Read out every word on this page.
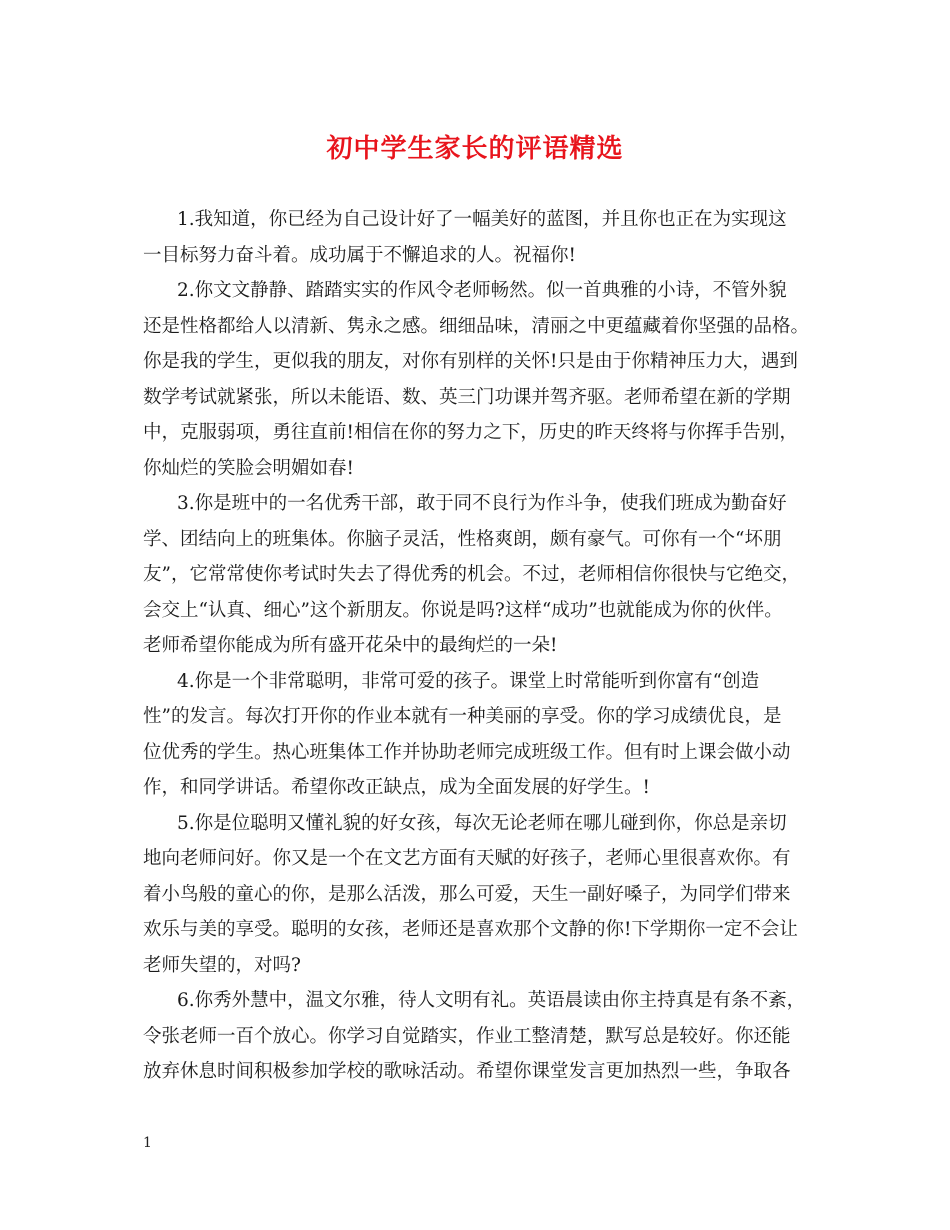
初中学生家长的评语精选
1.我知道，你已经为自己设计好了一幅美好的蓝图，并且你也正在为实现这
一目标努力奋斗着。成功属于不懈追求的人。祝福你!
2.你文文静静、踏踏实实的作风令老师畅然。似一首典雅的小诗，不管外貌
还是性格都给人以清新、隽永之感。细细品味，清丽之中更蕴藏着你坚强的品格。
你是我的学生，更似我的朋友，对你有别样的关怀!只是由于你精神压力大，遇到
数学考试就紧张，所以未能语、数、英三门功课并驾齐驱。老师希望在新的学期
中，克服弱项，勇往直前!相信在你的努力之下，历史的昨天终将与你挥手告别，
你灿烂的笑脸会明媚如春!
3.你是班中的一名优秀干部，敢于同不良行为作斗争，使我们班成为勤奋好
学、团结向上的班集体。你脑子灵活，性格爽朗，颇有豪气。可你有一个“坏朋
友”，它常常使你考试时失去了得优秀的机会。不过，老师相信你很快与它绝交，
会交上“认真、细心”这个新朋友。你说是吗?这样“成功”也就能成为你的伙伴。
老师希望你能成为所有盛开花朵中的最绚烂的一朵!
4.你是一个非常聪明，非常可爱的孩子。课堂上时常能听到你富有“创造
性”的发言。每次打开你的作业本就有一种美丽的享受。你的学习成绩优良，是
位优秀的学生。热心班集体工作并协助老师完成班级工作。但有时上课会做小动
作，和同学讲话。希望你改正缺点，成为全面发展的好学生。!
5.你是位聪明又懂礼貌的好女孩，每次无论老师在哪儿碰到你，你总是亲切
地向老师问好。你又是一个在文艺方面有天赋的好孩子，老师心里很喜欢你。有
着小鸟般的童心的你，是那么活泼，那么可爱，天生一副好嗓子，为同学们带来
欢乐与美的享受。聪明的女孩，老师还是喜欢那个文静的你!下学期你一定不会让
老师失望的，对吗?
6.你秀外慧中，温文尔雅，待人文明有礼。英语晨读由你主持真是有条不紊，
令张老师一百个放心。你学习自觉踏实，作业工整清楚，默写总是较好。你还能
放弃休息时间积极参加学校的歌咏活动。希望你课堂发言更加热烈一些，争取各
1
